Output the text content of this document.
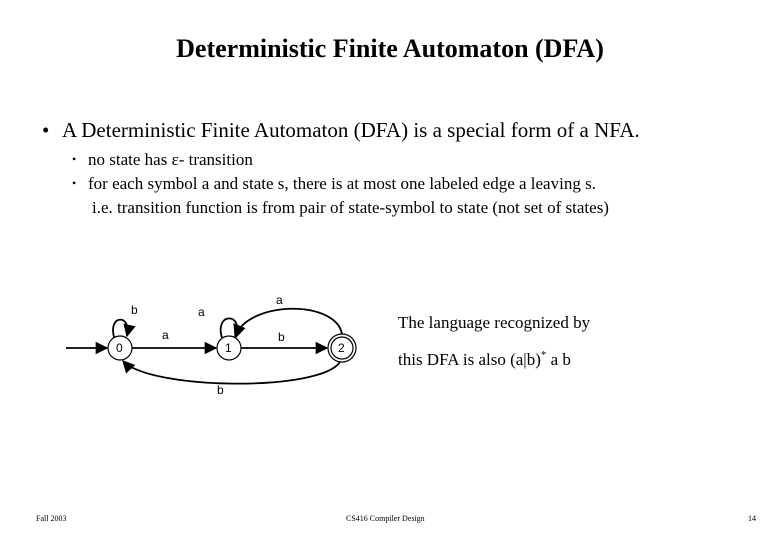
Deterministic Finite Automaton (DFA)
• A Deterministic Finite Automaton (DFA) is a special form of a NFA.
• no state has ε- transition
• for each symbol a and state s, there is at most one labeled edge a leaving s.
i.e. transition function is from pair of state-symbol to state (not set of states)
0	1	2
b
a
a
b
a
b
The language recognized by
this DFA is also (a|b)* a b
Fall 2003	CS416 Compiler Design	14
